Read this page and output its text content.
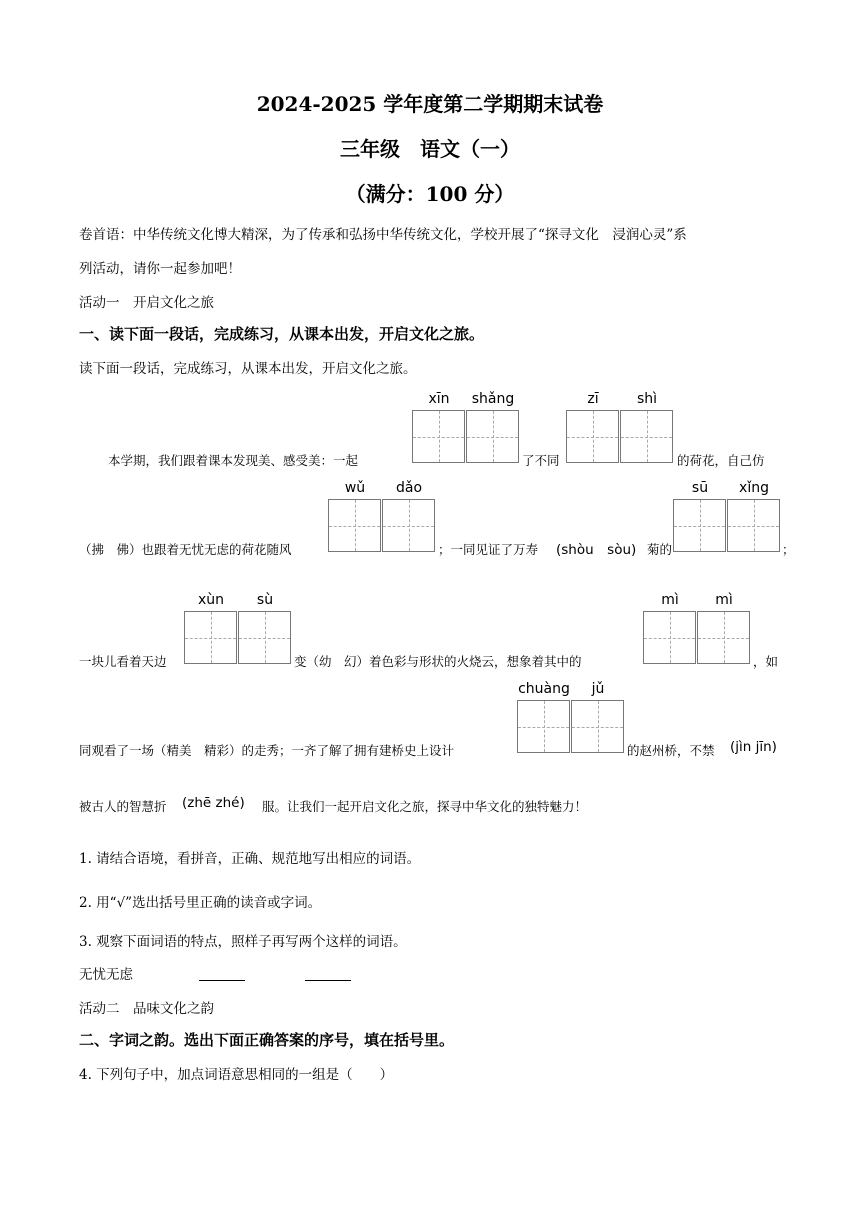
2024-2025 学年度第二学期期末试卷
三年级　语文（一）
（满分：100 分）
卷首语：中华传统文化博大精深，为了传承和弘扬中华传统文化，学校开展了“探寻文化　浸润心灵”系
列活动，请你一起参加吧！
活动一　开启文化之旅
一、读下面一段话，完成练习，从课本出发，开启文化之旅。
读下面一段话，完成练习，从课本出发，开启文化之旅。
xīn	shǎng	zī	shì
本学期，我们跟着课本发现美、感受美：一起	了不同	的荷花，自己仿
wǔ	dǎo	sū	xǐng
（拂　佛）也跟着无忧无虑的荷花随风	；一同见证了万寿 (shòu　sòu) 菊的	；
xùn	sù	mì	mì
一块儿看着天边	变（幼　幻）着色彩与形状的火烧云，想象着其中的	，如
chuàng	jǔ
同观看了一场（精美　精彩）的走秀；一齐了解了拥有建桥史上设计	的赵州桥，不禁 (jìn jīn)
被古人的智慧折 (zhē zhé) 服。让我们一起开启文化之旅，探寻中华文化的独特魅力！
1. 请结合语境，看拼音，正确、规范地写出相应的词语。
2. 用“√”选出括号里正确的读音或字词。
3. 观察下面词语的特点，照样子再写两个这样的词语。
无忧无虑
活动二　品味文化之韵
二、字词之韵。选出下面正确答案的序号，填在括号里。
4. 下列句子中，加点词语意思相同的一组是（　　）
